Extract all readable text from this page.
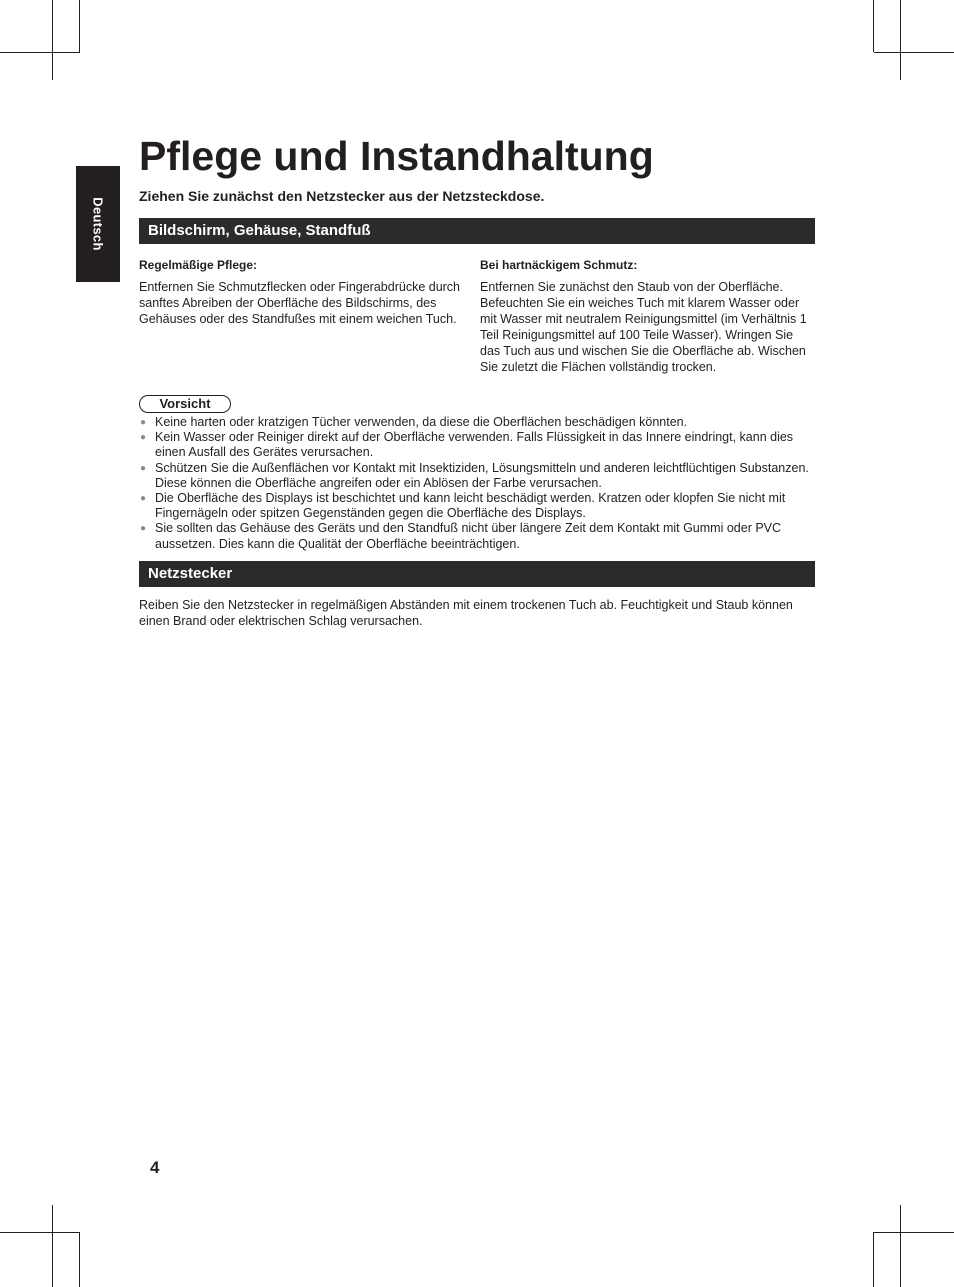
Deutsch
Pflege und Instandhaltung
Ziehen Sie zunächst den Netzstecker aus der Netzsteckdose.
Bildschirm, Gehäuse, Standfuß
Regelmäßige Pflege:

Entfernen Sie Schmutzflecken oder Fingerabdrücke durch sanftes Abreiben der Oberfläche des Bildschirms, des Gehäuses oder des Standfußes mit einem weichen Tuch.

Bei hartnäckigem Schmutz:

Entfernen Sie zunächst den Staub von der Oberfläche. Befeuchten Sie ein weiches Tuch mit klarem Wasser oder mit Wasser mit neutralem Reinigungsmittel (im Verhältnis 1 Teil Reinigungsmittel auf 100 Teile Wasser). Wringen Sie das Tuch aus und wischen Sie die Oberfläche ab. Wischen Sie zuletzt die Flächen vollständig trocken.

Vorsicht
● Keine harten oder kratzigen Tücher verwenden, da diese die Oberflächen beschädigen könnten.
● Kein Wasser oder Reiniger direkt auf der Oberfläche verwenden. Falls Flüssigkeit in das Innere eindringt, kann dies einen Ausfall des Gerätes verursachen.
● Schützen Sie die Außenflächen vor Kontakt mit Insektiziden, Lösungsmitteln und anderen leichtflüchtigen Substanzen. Diese können die Oberfläche angreifen oder ein Ablösen der Farbe verursachen.
● Die Oberfläche des Displays ist beschichtet und kann leicht beschädigt werden. Kratzen oder klopfen Sie nicht mit Fingernägeln oder spitzen Gegenständen gegen die Oberfläche des Displays.
● Sie sollten das Gehäuse des Geräts und den Standfuß nicht über längere Zeit dem Kontakt mit Gummi oder PVC aussetzen. Dies kann die Qualität der Oberfläche beeinträchtigen.
Netzstecker

Reiben Sie den Netzstecker in regelmäßigen Abständen mit einem trockenen Tuch ab. Feuchtigkeit und Staub können einen Brand oder elektrischen Schlag verursachen.

4
